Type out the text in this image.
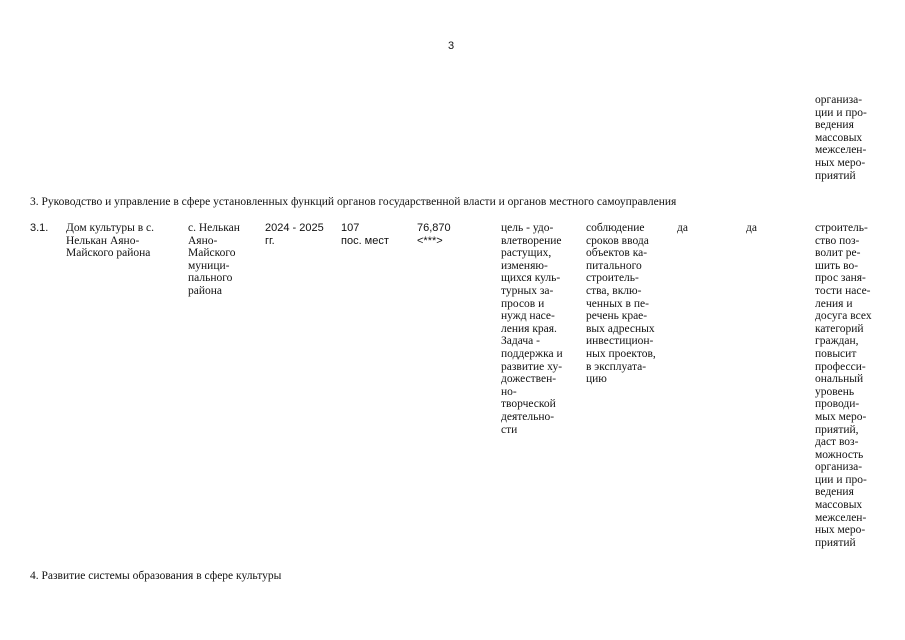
3
организа-
ции и про-
ведения
массовых
межселен-
ных меро-
приятий
3. Руководство и управление в сфере установленных функций органов государственной власти и органов местного самоуправления
3.1. Дом культуры в с.
Нелькан Аяно-
Майского района
с. Нелькан
Аяно-
Майского
муници-
пального
района
2024 - 2025
гг.
107
пос. мест
76,870
<***>
цель - удо-
влетворение
растущих,
изменяю-
щихся куль-
турных за-
просов и
нужд насе-
ления края.
Задача -
поддержка и
развитие ху-
дожествен-
но-
творческой
деятельно-
сти
соблюдение
сроков ввода
объектов ка-
питального
строитель-
ства, вклю-
ченных в пе-
речень крае-
вых адресных
инвестицион-
ных проектов,
в эксплуата-
цию
да	да	строитель-
ство поз-
волит ре-
шить во-
прос заня-
тости насе-
ления и
досуга всех
категорий
граждан,
повысит
професси-
ональный
уровень
проводи-
мых меро-
приятий,
даст воз-
можность
организа-
ции и про-
ведения
массовых
межселен-
ных меро-
приятий
4. Развитие системы образования в сфере культуры
